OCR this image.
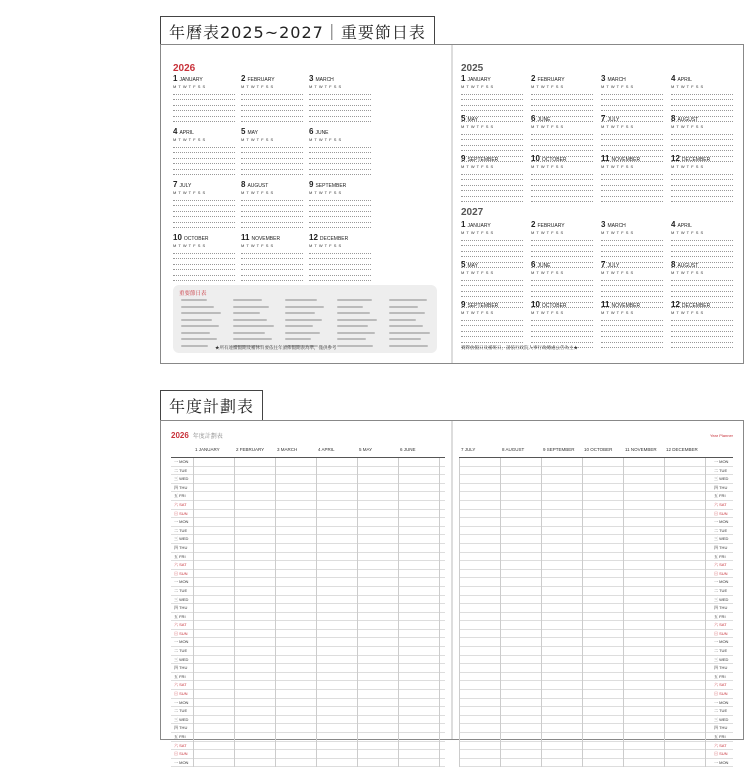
年曆表2025~2027｜重要節日表
2026
1 JANUARY
M T W T F S S
2 FEBRUARY
M T W T F S S
3 MARCH
M T W T F S S
4 APRIL
M T W T F S S
5 MAY
M T W T F S S
6 JUNE
M T W T F S S
7 JULY
M T W T F S S
8 AUGUST
M T W T F S S
9 SEPTEMBER
M T W T F S S
10 OCTOBER
M T W T F S S
11 NOVEMBER
M T W T F S S
12 DECEMBER
M T W T F S S
重要節日表
★所有連續假期及補休日要依往年頒佈假期表為準，僅供參考
2025
1 JANUARY
M T W T F S S
2 FEBRUARY
M T W T F S S
3 MARCH
M T W T F S S
4 APRIL
M T W T F S S
5 MAY
M T W T F S S
6 JUNE
M T W T F S S
7 JULY
M T W T F S S
8 AUGUST
M T W T F S S
9 SEPTEMBER
M T W T F S S
10 OCTOBER
M T W T F S S
11 NOVEMBER
M T W T F S S
12 DECEMBER
M T W T F S S
2027
1 JANUARY
M T W T F S S
2 FEBRUARY
M T W T F S S
3 MARCH
M T W T F S S
4 APRIL
M T W T F S S
5 MAY
M T W T F S S
6 JUNE
M T W T F S S
7 JULY
M T W T F S S
8 AUGUST
M T W T F S S
9 SEPTEMBER
M T W T F S S
10 OCTOBER
M T W T F S S
11 NOVEMBER
M T W T F S S
12 DECEMBER
M T W T F S S
實際放假日及補班日，請依行政院人事行政總處公告為主★
年度計劃表
2026 年度計劃表	Year Planner
1 JANUARY	2 FEBRUARY	3 MARCH	4 APRIL	5 MAY	6 JUNE
一 MON
二 TUE
三 WED
四 THU
五 FRI
六 SAT
日 SUN
一 MON
二 TUE
三 WED
四 THU
五 FRI
六 SAT
日 SUN
一 MON
二 TUE
三 WED
四 THU
五 FRI
六 SAT
日 SUN
一 MON
二 TUE
三 WED
四 THU
五 FRI
六 SAT
日 SUN
一 MON
二 TUE
三 WED
四 THU
五 FRI
六 SAT
日 SUN
一 MON
7 JULY	8 AUGUST	9 SEPTEMBER 10 OCTOBER	11 NOVEMBER 12 DECEMBER
一 MON
二 TUE
三 WED
四 THU
五 FRI
六 SAT
日 SUN
一 MON
二 TUE
三 WED
四 THU
五 FRI
六 SAT
日 SUN
一 MON
二 TUE
三 WED
四 THU
五 FRI
六 SAT
日 SUN
一 MON
二 TUE
三 WED
四 THU
五 FRI
六 SAT
日 SUN
一 MON
二 TUE
三 WED
四 THU
五 FRI
六 SAT
日 SUN
一 MON
